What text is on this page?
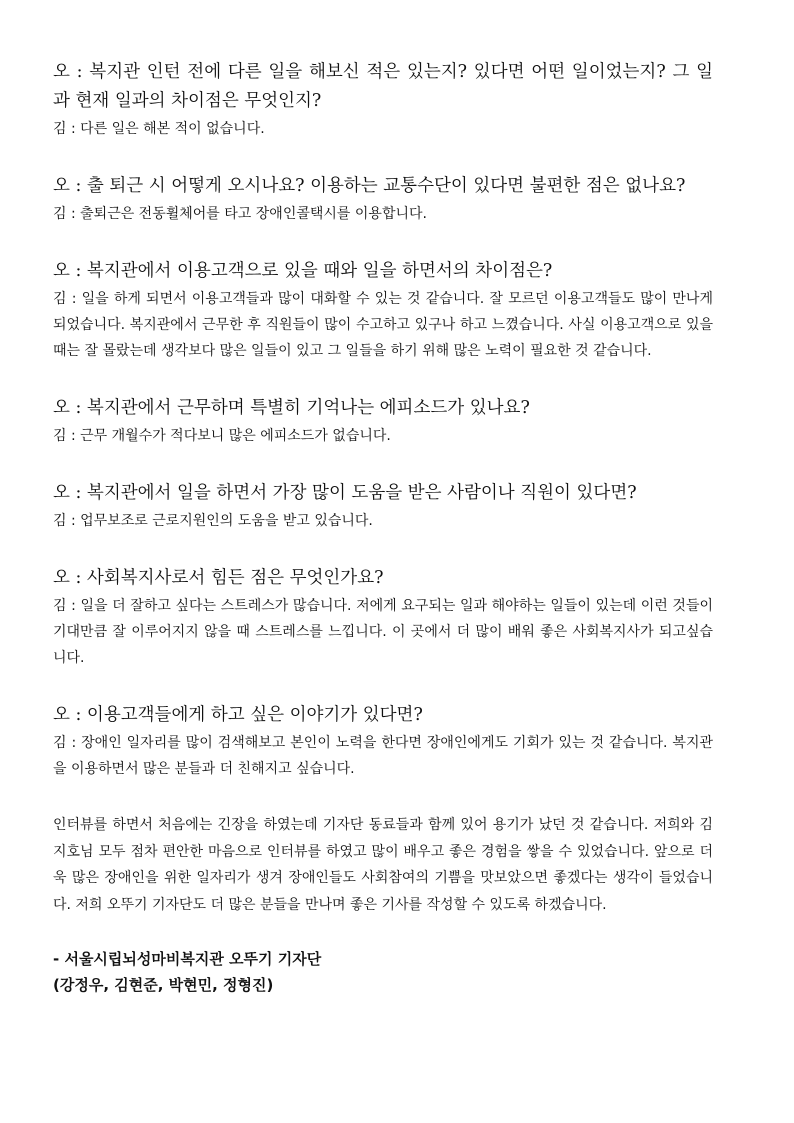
오 : 복지관 인턴 전에 다른 일을 해보신 적은 있는지? 있다면 어떤 일이었는지? 그 일과 현재 일과의 차이점은 무엇인지?

김 : 다른 일은 해본 적이 없습니다.

오 : 출 퇴근 시 어떻게 오시나요? 이용하는 교통수단이 있다면 불편한 점은 없나요?

김 : 출퇴근은 전동휠체어를 타고 장애인콜택시를 이용합니다.

오 : 복지관에서 이용고객으로 있을 때와 일을 하면서의 차이점은?

김 : 일을 하게 되면서 이용고객들과 많이 대화할 수 있는 것 같습니다. 잘 모르던 이용고객들도 많이 만나게 되었습니다. 복지관에서 근무한 후 직원들이 많이 수고하고 있구나 하고 느꼈습니다. 사실 이용고객으로 있을 때는 잘 몰랐는데 생각보다 많은 일들이 있고 그 일들을 하기 위해 많은 노력이 필요한 것 같습니다.

오 : 복지관에서 근무하며 특별히 기억나는 에피소드가 있나요?

김 : 근무 개월수가 적다보니 많은 에피소드가 없습니다.

오 : 복지관에서 일을 하면서 가장 많이 도움을 받은 사람이나 직원이 있다면?

김 : 업무보조로 근로지원인의 도움을 받고 있습니다.

오 : 사회복지사로서 힘든 점은 무엇인가요?

김 : 일을 더 잘하고 싶다는 스트레스가 많습니다. 저에게 요구되는 일과 해야하는 일들이 있는데 이런 것들이 기대만큼 잘 이루어지지 않을 때 스트레스를 느낍니다. 이 곳에서 더 많이 배워 좋은 사회복지사가 되고싶습니다.

오 : 이용고객들에게 하고 싶은 이야기가 있다면?

김 : 장애인 일자리를 많이 검색해보고 본인이 노력을 한다면 장애인에게도 기회가 있는 것 같습니다. 복지관을 이용하면서 많은 분들과 더 친해지고 싶습니다.

인터뷰를 하면서 처음에는 긴장을 하였는데 기자단 동료들과 함께 있어 용기가 났던 것 같습니다. 저희와 김지호님 모두 점차 편안한 마음으로 인터뷰를 하였고 많이 배우고 좋은 경험을 쌓을 수 있었습니다. 앞으로 더욱 많은 장애인을 위한 일자리가 생겨 장애인들도 사회참여의 기쁨을 맛보았으면 좋겠다는 생각이 들었습니다. 저희 오뚜기 기자단도 더 많은 분들을 만나며 좋은 기사를 작성할 수 있도록 하겠습니다.

- 서울시립뇌성마비복지관 오뚜기 기자단

(강정우, 김현준, 박현민, 정형진)
